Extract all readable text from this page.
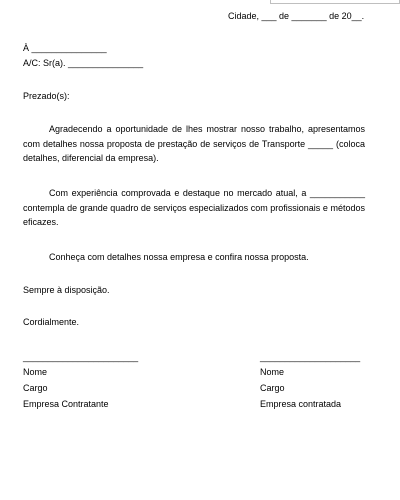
Cidade, ___ de _______ de 20__.
À _______________
A/C: Sr(a). _______________
Prezado(s):
Agradecendo a oportunidade de lhes mostrar nosso trabalho, apresentamos com detalhes nossa proposta de prestação de serviços de Transporte _____ (coloca detalhes, diferencial da empresa).
Com experiência comprovada e destaque no mercado atual, a ___________ contempla de grande quadro de serviços especializados com profissionais e métodos eficazes.
Conheça com detalhes nossa empresa e confira nossa proposta.
Sempre à disposição.
Cordialmente.
_______________________
Nome
Cargo
Empresa Contratante
____________________
Nome
Cargo
Empresa contratada
